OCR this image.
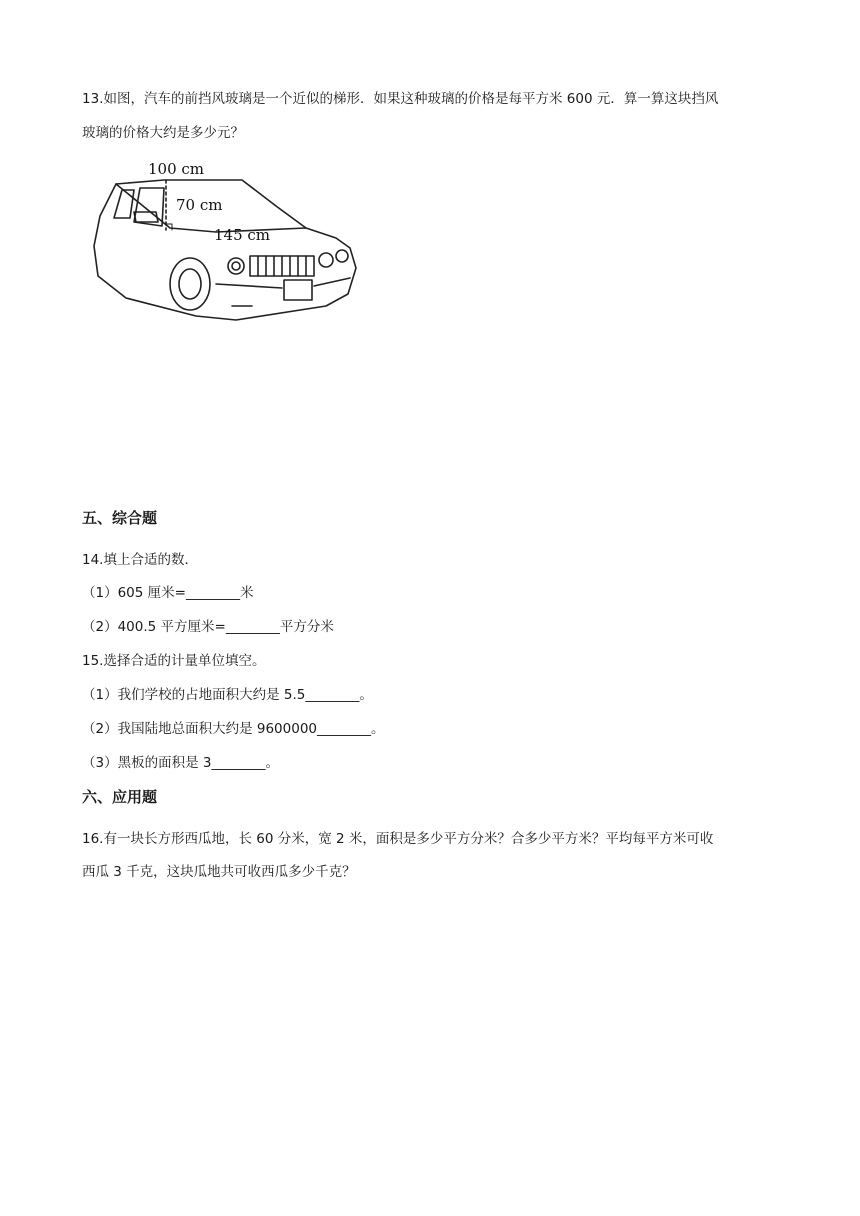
13.如图，汽车的前挡风玻璃是一个近似的梯形．如果这种玻璃的价格是每平方米 600 元．算一算这块挡风
玻璃的价格大约是多少元？
100 cm
70 cm
145 cm
五、综合题
14.填上合适的数．
（1）605 厘米=________米
（2）400.5 平方厘米=________平方分米
15.选择合适的计量单位填空。
（1）我们学校的占地面积大约是 5.5________。
（2）我国陆地总面积大约是 9600000________。
（3）黑板的面积是 3________。
六、应用题
16.有一块长方形西瓜地，长 60 分米，宽 2 米，面积是多少平方分米？合多少平方米？平均每平方米可收
西瓜 3 千克，这块瓜地共可收西瓜多少千克？
